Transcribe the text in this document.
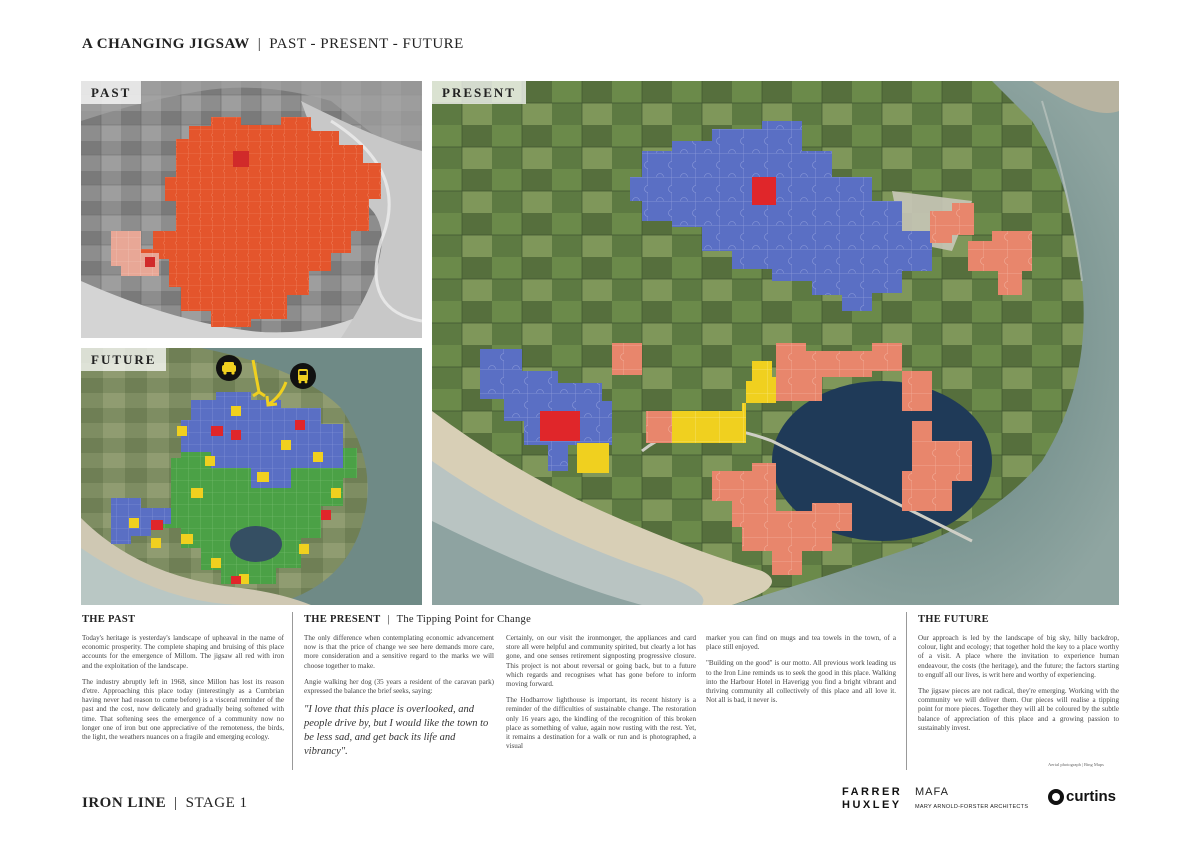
A CHANGING JIGSAW | PAST - PRESENT - FUTURE
PAST
FUTURE
PRESENT
THE PAST	THE PRESENT | The Tipping Point for Change	THE FUTURE

Today's heritage is yesterday's landscape of upheaval in the name of economic prosperity. The complete shaping and bruising of this place accounts for the emergence of Millom. The jigsaw all red with iron and the exploitation of the landscape.

The industry abruptly left in 1968, since Millon has lost its reason d'etre. Approaching this place today (interestingly as a Cumbrian having never had reason to come before) is a visceral reminder of the past and the cost, now delicately and gradually being softened with time. That softening sees the emergence of a community now no longer one of iron but one appreciative of the remoteness, the birds, the light, the weathers nuances on a fragile and emerging ecology.

The only difference when contemplating economic advancement now is that the price of change we see here demands more care, more consideration and a sensitive regard to the marks we will choose together to make.

Angie walking her dog (35 years a resident of the caravan park) expressed the balance the brief seeks, saying:

"I love that this place is overlooked, and people drive by, but I would like the town to be less sad, and get back its life and vibrancy".

Certainly, on our visit the ironmonger, the appliances and card store all were helpful and community spirited, but clearly a lot has gone, and one senses retirement signposting progressive closure. This project is not about reversal or going back, but to a future which regards and recognises what has gone before to inform moving forward.

The Hodbarrow lighthouse is important, its recent history is a reminder of the difficulties of sustainable change. The restoration only 16 years ago, the kindling of the recognition of this broken place as something of value, again now rusting with the rest. Yet, it remains a destination for a walk or run and is photographed, a visual

marker you can find on mugs and tea towels in the town, of a place still enjoyed.

"Building on the good" is our motto. All previous work leading us to the Iron Line reminds us to seek the good in this place. Walking into the Harbour Hotel in Haverigg you find a bright vibrant and thriving community all collectively of this place and all love it. Not all is bad, it never is.

Our approach is led by the landscape of big sky, hilly backdrop, colour, light and ecology; that together hold the key to a place worthy of a visit. A place where the invitation to experience human endeavour, the costs (the heritage), and the future; the factors starting to engulf all our lives, is writ here and worthy of experiencing.

The jigsaw pieces are not radical, they're emerging. Working with the community we will deliver them. Our pieces will realise a tipping point for more pieces. Together they will all be coloured by the subtle balance of appreciation of this place and a growing passion to sustainably invest.

Aerial photograph | Bing Maps
IRON LINE | STAGE 1
FARRER
HUXLEY
MAFA
MARY ARNOLD-FORSTER ARCHITECTS
curtins
